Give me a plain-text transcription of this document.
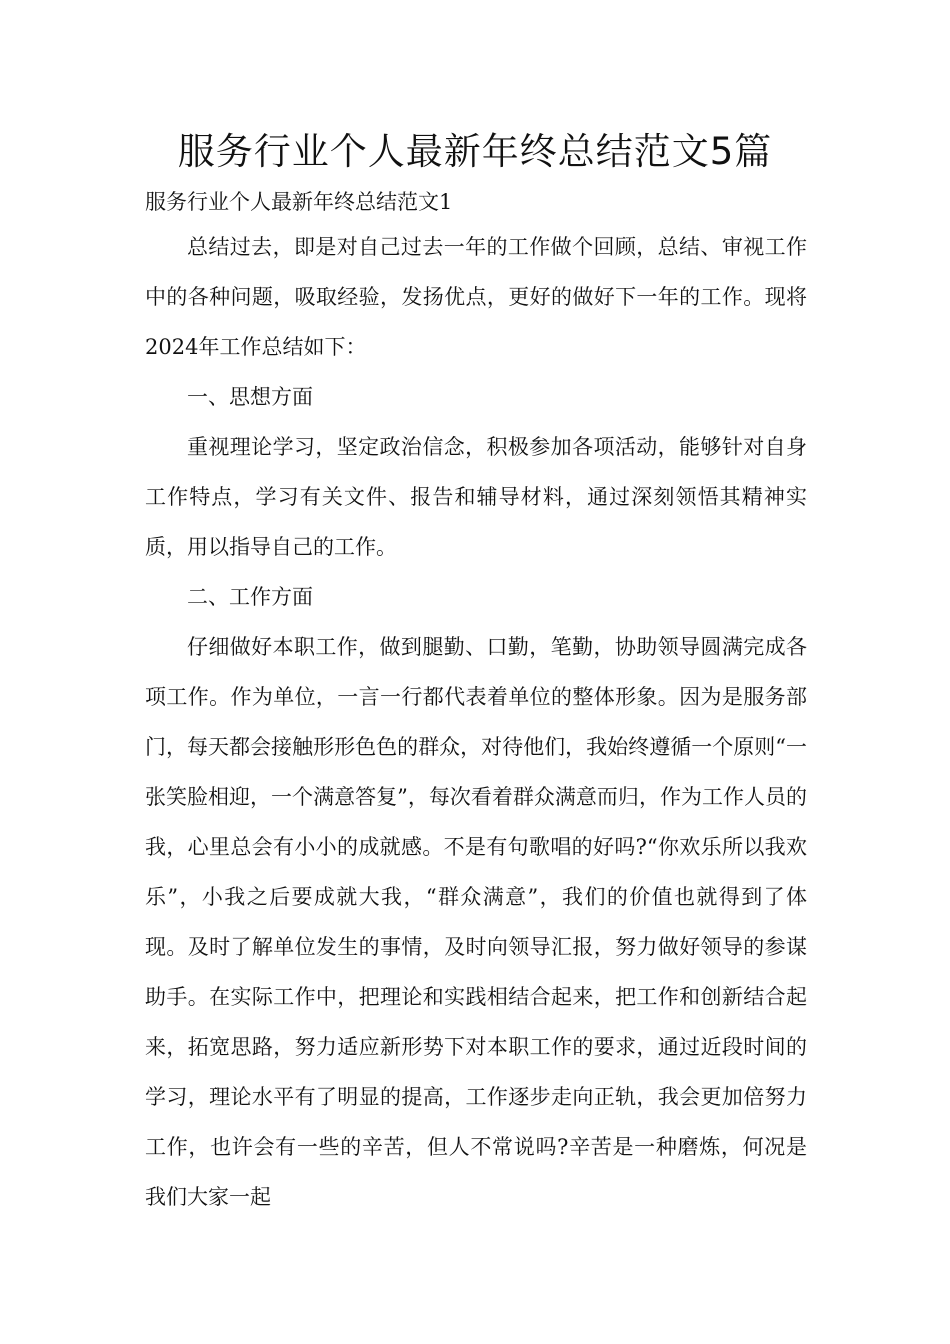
服务行业个人最新年终总结范文5篇

服务行业个人最新年终总结范文1

总结过去，即是对自己过去一年的工作做个回顾，总结、审视工作中的各种问题，吸取经验，发扬优点，更好的做好下一年的工作。现将2024年工作总结如下：

一、思想方面

重视理论学习，坚定政治信念，积极参加各项活动，能够针对自身工作特点，学习有关文件、报告和辅导材料，通过深刻领悟其精神实质，用以指导自己的工作。

二、工作方面

仔细做好本职工作，做到腿勤、口勤，笔勤，协助领导圆满完成各项工作。作为单位，一言一行都代表着单位的整体形象。因为是服务部门，每天都会接触形形色色的群众，对待他们，我始终遵循一个原则“一张笑脸相迎，一个满意答复”，每次看着群众满意而归，作为工作人员的我，心里总会有小小的成就感。不是有句歌唱的好吗?“你欢乐所以我欢乐”，小我之后要成就大我，“群众满意”，我们的价值也就得到了体现。及时了解单位发生的事情，及时向领导汇报，努力做好领导的参谋助手。在实际工作中，把理论和实践相结合起来，把工作和创新结合起来，拓宽思路，努力适应新形势下对本职工作的要求，通过近段时间的学习，理论水平有了明显的提高，工作逐步走向正轨，我会更加倍努力工作，也许会有一些的辛苦，但人不常说吗?辛苦是一种磨炼，何况是我们大家一起
